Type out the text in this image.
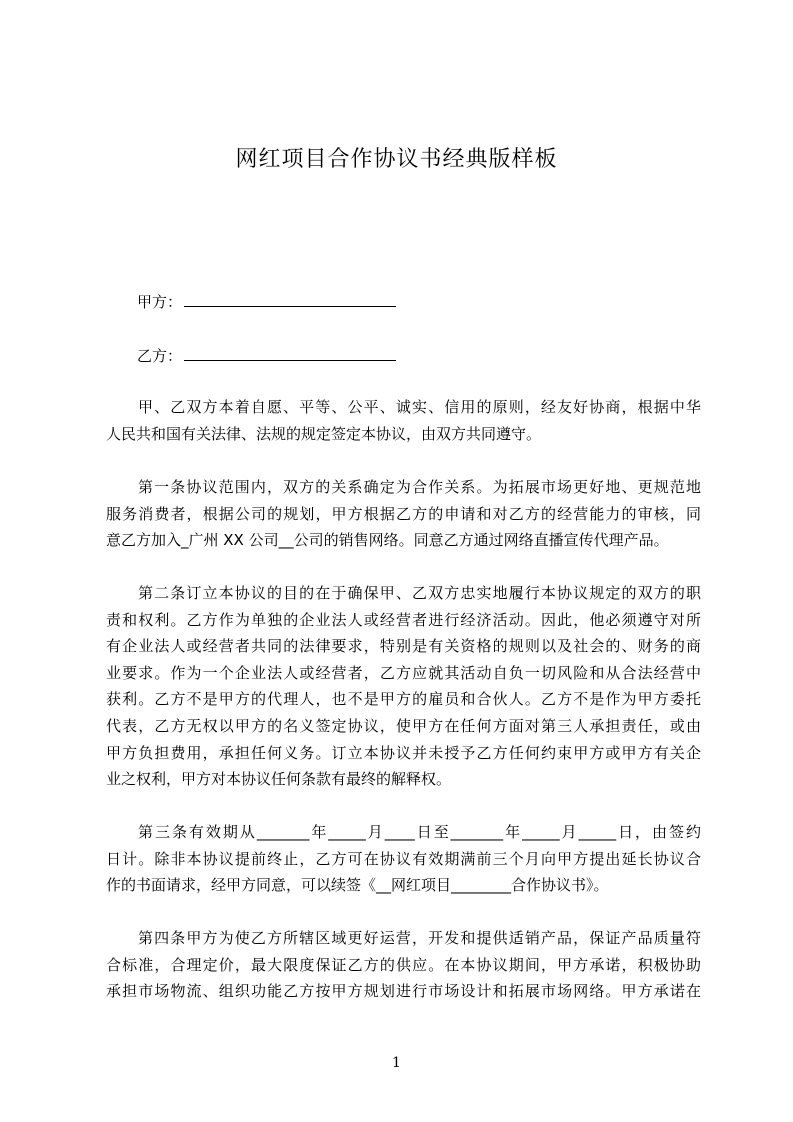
网红项目合作协议书经典版样板
甲方：
乙方：
甲、乙双方本着自愿、平等、公平、诚实、信用的原则，经友好协商，根据中华
人民共和国有关法律、法规的规定签定本协议，由双方共同遵守。
第一条协议范围内，双方的关系确定为合作关系。为拓展市场更好地、更规范地
服务消费者，根据公司的规划，甲方根据乙方的申请和对乙方的经营能力的审核，同
意乙方加入_广州 XX 公司__公司的销售网络。同意乙方通过网络直播宣传代理产品。
第二条订立本协议的目的在于确保甲、乙双方忠实地履行本协议规定的双方的职
责和权利。乙方作为单独的企业法人或经营者进行经济活动。因此，他必须遵守对所
有企业法人或经营者共同的法律要求，特别是有关资格的规则以及社会的、财务的商
业要求。作为一个企业法人或经营者，乙方应就其活动自负一切风险和从合法经营中
获利。乙方不是甲方的代理人，也不是甲方的雇员和合伙人。乙方不是作为甲方委托
代表，乙方无权以甲方的名义签定协议，使甲方在任何方面对第三人承担责任，或由
甲方负担费用，承担任何义务。订立本协议并未授予乙方任何约束甲方或甲方有关企
业之权利，甲方对本协议任何条款有最终的解释权。
第三条有效期从_______年_____月____日至_______年_____月_____日，由签约
日计。除非本协议提前终止，乙方可在协议有效期满前三个月向甲方提出延长协议合
作的书面请求，经甲方同意，可以续签《__网红项目________合作协议书》。
第四条甲方为使乙方所辖区域更好运营，开发和提供适销产品，保证产品质量符
合标准，合理定价，最大限度保证乙方的供应。在本协议期间，甲方承诺，积极协助
承担市场物流、组织功能乙方按甲方规划进行市场设计和拓展市场网络。甲方承诺在
1
